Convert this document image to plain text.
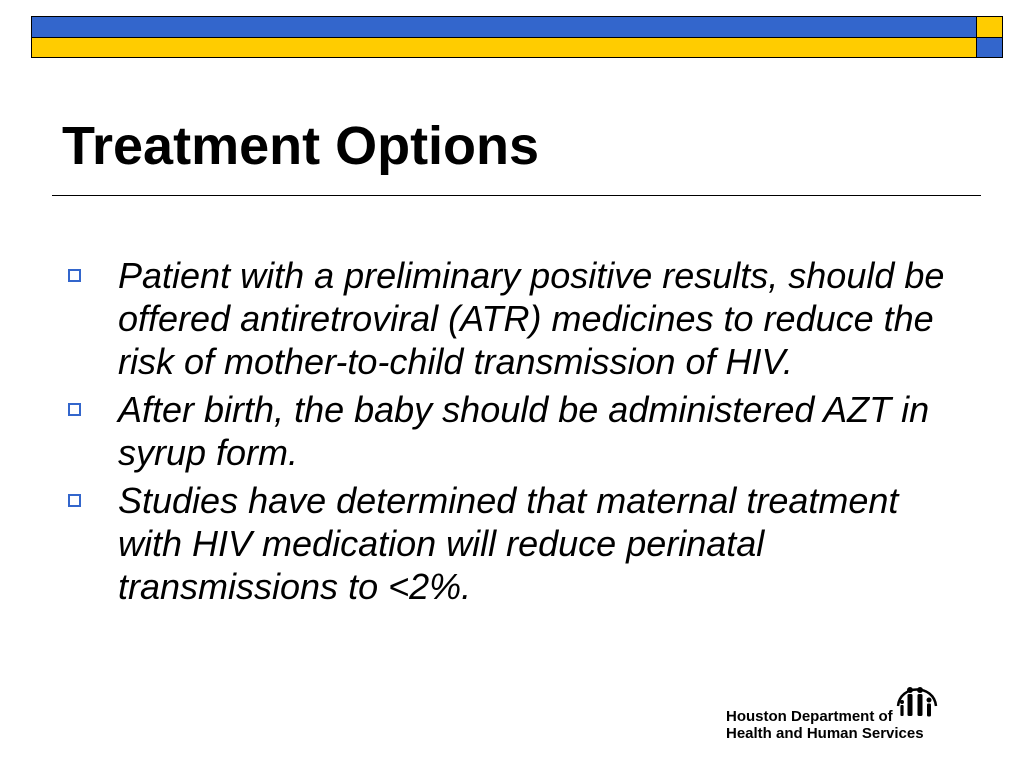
Treatment Options
Patient with a preliminary positive results, should be offered antiretroviral (ATR) medicines to reduce the risk of mother-to-child transmission of HIV.
After birth, the baby should be administered AZT in syrup form.
Studies have determined that maternal treatment with HIV medication will reduce perinatal transmissions to <2%.
Houston Department of
Health and Human Services
